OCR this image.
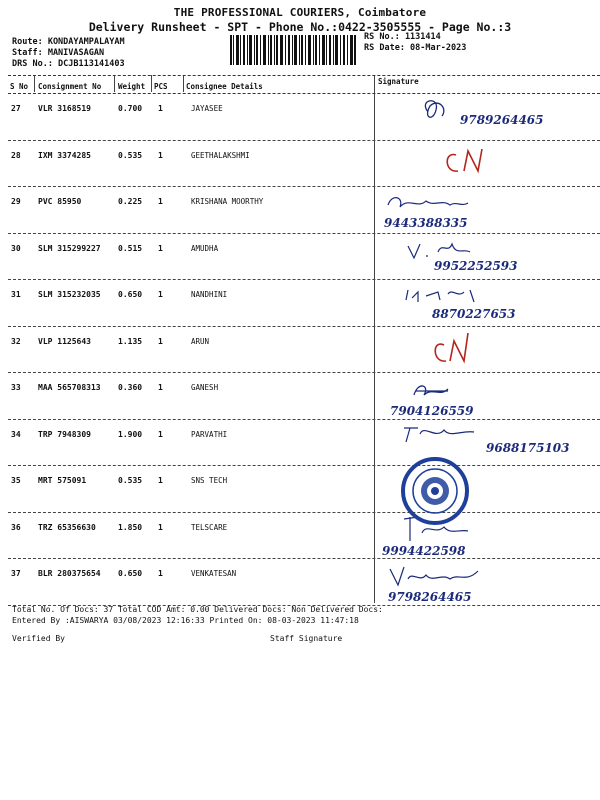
THE PROFESSIONAL COURIERS, Coimbatore
Delivery Runsheet - SPT - Phone No.:0422-3505555 - Page No.:3
Route: KONDAYAMPALAYAM
Staff: MANIVASAGAN
DRS No.: DCJB113141403
RS No.: 1131414
RS Date: 08-Mar-2023
S No Consignment No Weight PCS Consignee Details
Signature
27 VLR 3168519	0.700 1	JAYASEE
9789264465
28 IXM 3374285	0.535 1	GEETHALAKSHMI
29 PVC 85950	0.225 1	KRISHANA MOORTHY
9443388335
30 SLM 315299227 0.515 1	AMUDHA
9952252593
31 SLM 315232035 0.650 1	NANDHINI
8870227653
32 VLP 1125643	1.135 1	ARUN
33 MAA 565708313 0.360 1	GANESH
7904126559
34 TRP 7948309	1.900 1	PARVATHI
9688175103
35 MRT 575091	0.535 1	SNS TECH
36 TRZ 65356630	1.850 1	TELSCARE
9994422598
37 BLR 280375654 0.650 1	VENKATESAN
9798264465
Total No. Of Docs: 37 Total COD Amt: 0.00 Delivered Docs: Non Delivered Docs:
Entered By :AISWARYA 03/08/2023 12:16:33 Printed On: 08-03-2023 11:47:18
Verified By	Staff Signature
